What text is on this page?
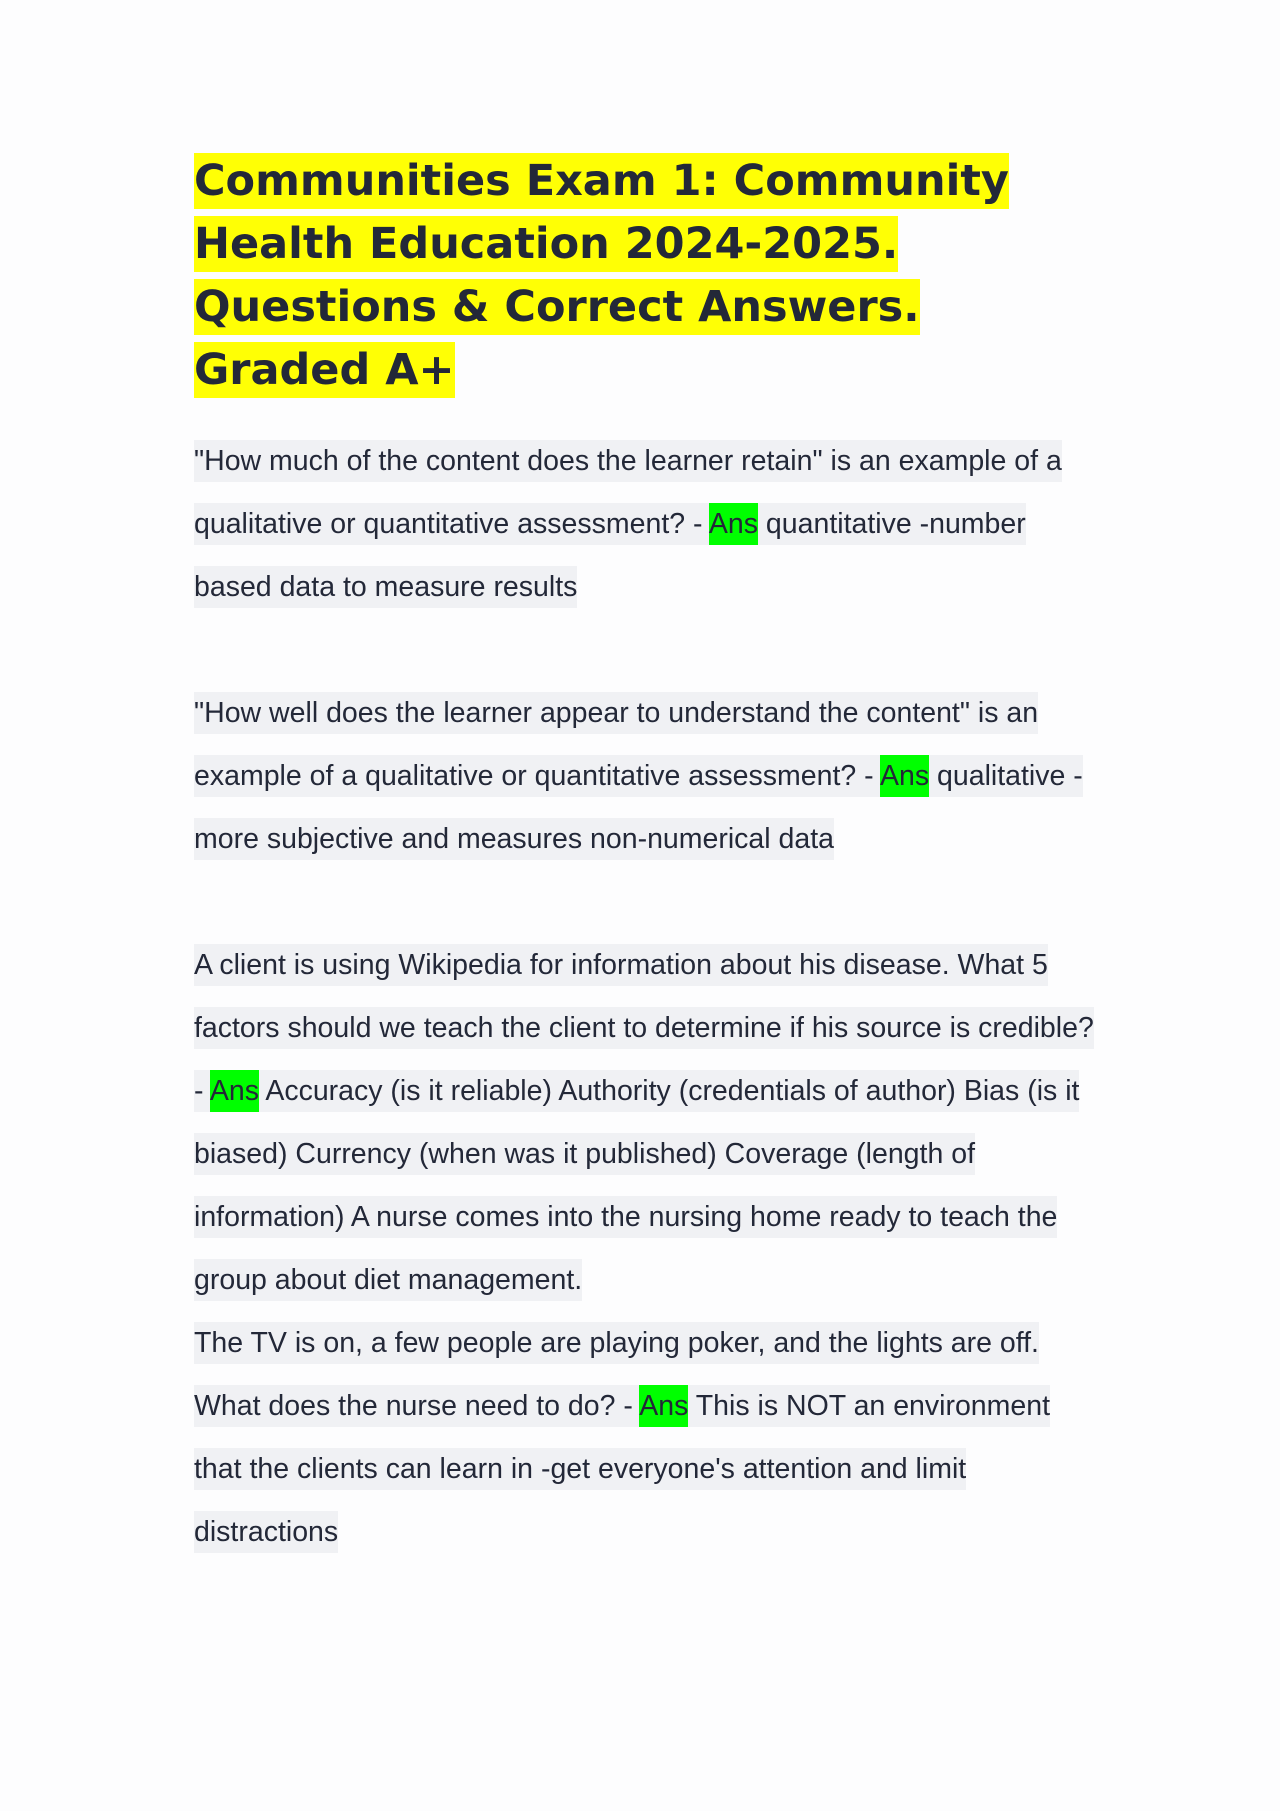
Communities Exam 1: Community Health Education 2024-2025. Questions & Correct Answers. Graded A+

"How much of the content does the learner retain" is an example of a qualitative or quantitative assessment? - Ans quantitative -number based data to measure results

"How well does the learner appear to understand the content" is an example of a qualitative or quantitative assessment? - Ans qualitative -more subjective and measures non-numerical data

A client is using Wikipedia for information about his disease. What 5 factors should we teach the client to determine if his source is credible? - Ans Accuracy (is it reliable) Authority (credentials of author) Bias (is it biased) Currency (when was it published) Coverage (length of information) A nurse comes into the nursing home ready to teach the group about diet management.

The TV is on, a few people are playing poker, and the lights are off. What does the nurse need to do? - Ans This is NOT an environment that the clients can learn in -get everyone's attention and limit distractions
